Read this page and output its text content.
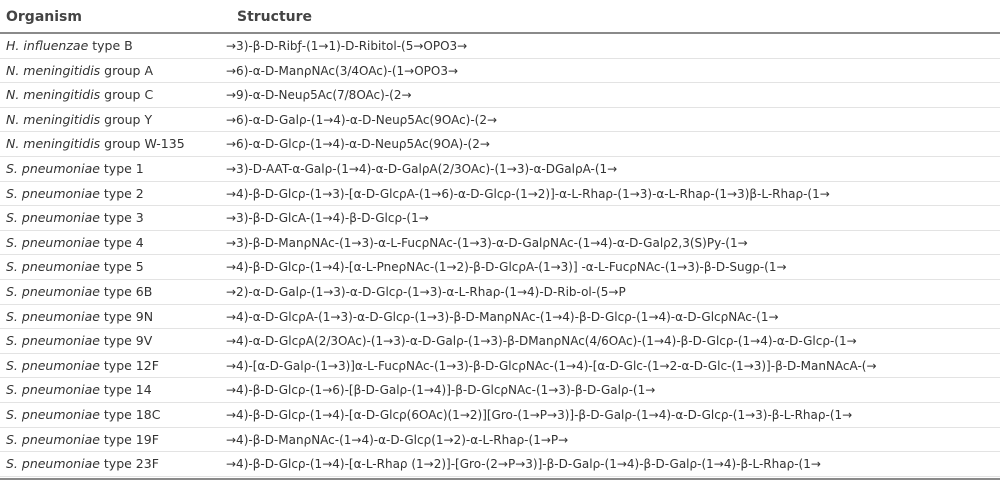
Organism	Structure
H. influenzae type B	→3)-β-D-Ribƒ-(1→1)-D-Ribitol-(5→OPO3→
N. meningitidis group A	→6)-α-D-ManρNAc(3/4OAc)-(1→OPO3→
N. meningitidis group C	→9)-α-D-Neuρ5Ac(7/8OAc)-(2→
N. meningitidis group Y	→6)-α-D-Galρ-(1→4)-α-D-Neuρ5Ac(9OAc)-(2→
N. meningitidis group W-135	→6)-α-D-Glcρ-(1→4)-α-D-Neuρ5Ac(9OA)-(2→
S. pneumoniae type 1	→3)-D-AAT-α-Galρ-(1→4)-α-D-GalρA(2/3OAc)-(1→3)-α-DGalρA-(1→
S. pneumoniae type 2	→4)-β-D-Glcρ-(1→3)-[α-D-GlcρA-(1→6)-α-D-Glcρ-(1→2)]-α-L-Rhaρ-(1→3)-α-L-Rhaρ-(1→3)β-L-Rhaρ-(1→
S. pneumoniae type 3	→3)-β-D-GlcA-(1→4)-β-D-Glcρ-(1→
S. pneumoniae type 4	→3)-β-D-ManρNAc-(1→3)-α-L-FucρNAc-(1→3)-α-D-GalρNAc-(1→4)-α-D-Galρ2,3(S)Py-(1→
S. pneumoniae type 5	→4)-β-D-Glcρ-(1→4)-[α-L-PneρNAc-(1→2)-β-D-GlcρA-(1→3)] -α-L-FucρNAc-(1→3)-β-D-Sugρ-(1→
S. pneumoniae type 6B	→2)-α-D-Galρ-(1→3)-α-D-Glcρ-(1→3)-α-L-Rhaρ-(1→4)-D-Rib-ol-(5→P
S. pneumoniae type 9N	→4)-α-D-GlcρA-(1→3)-α-D-Glcρ-(1→3)-β-D-ManρNAc-(1→4)-β-D-Glcρ-(1→4)-α-D-GlcρNAc-(1→
S. pneumoniae type 9V	→4)-α-D-GlcρA(2/3OAc)-(1→3)-α-D-Galρ-(1→3)-β-DManρNAc(4/6OAc)-(1→4)-β-D-Glcρ-(1→4)-α-D-Glcρ-(1→
S. pneumoniae type 12F	→4)-[α-D-Galρ-(1→3)]α-L-FucρNAc-(1→3)-β-D-GlcρNAc-(1→4)-[α-D-Glc-(1→2-α-D-Glc-(1→3)]-β-D-ManNAcA-(→
S. pneumoniae type 14	→4)-β-D-Glcρ-(1→6)-[β-D-Galρ-(1→4)]-β-D-GlcρNAc-(1→3)-β-D-Galρ-(1→
S. pneumoniae type 18C	→4)-β-D-Glcρ-(1→4)-[α-D-Glcρ(6OAc)(1→2)][Gro-(1→P→3)]-β-D-Galρ-(1→4)-α-D-Glcρ-(1→3)-β-L-Rhaρ-(1→
S. pneumoniae type 19F	→4)-β-D-ManρNAc-(1→4)-α-D-Glcρ(1→2)-α-L-Rhaρ-(1→P→
S. pneumoniae type 23F	→4)-β-D-Glcρ-(1→4)-[α-L-Rhaρ (1→2)]-[Gro-(2→P→3)]-β-D-Galρ-(1→4)-β-D-Galρ-(1→4)-β-L-Rhaρ-(1→
